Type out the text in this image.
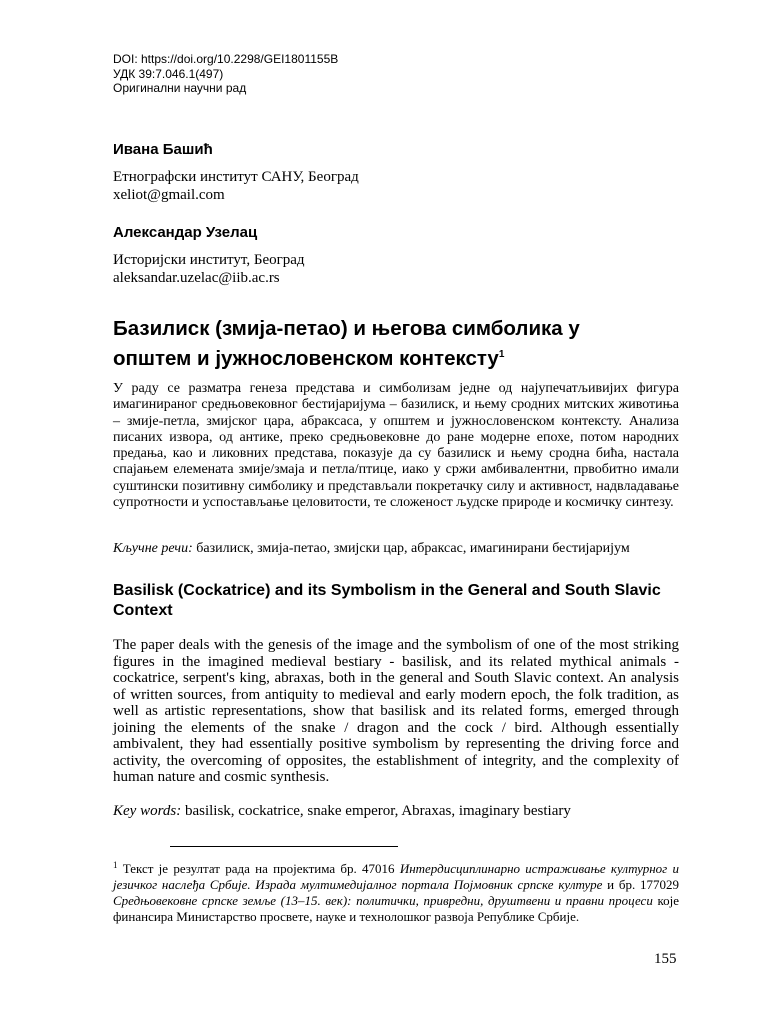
DOI: https://doi.org/10.2298/GEI1801155B
УДК 39:7.046.1(497)
Оригинални научни рад
Ивана Башић
Етнографски институт САНУ, Београд
xeliot@gmail.com
Александар Узелац
Историјски институт, Београд
aleksandar.uzelac@iib.ac.rs
Базилиск (змија-петао) и његова симболика у
општем и јужнословенском контексту$^1$
У раду се разматра генеза представа и симболизам једне од најупечатљивијих фигура имагинираног средњовековног бестијаријума – базилиск, и њему сродних митских животиња – змије-петла, змијског цара, абраксаса, у општем и јужнословенском контексту. Анализа писаних извора, од антике, преко средњовековне до ране модерне епохе, потом народних предања, као и ликовних представа, показује да су базилиск и њему сродна бића, настала спајањем елемената змије/змаја и петла/птице, иако у сржи амбивалентни, првобитно имали суштински позитивну симболику и представљали покретачку силу и активност, надвладавање супротности и успостављање целовитости, те сложеност људске природе и космичку синтезу.
Кључне речи: базилиск, змија-петао, змијски цар, абраксас, имагинирани бестијаријум
Basilisk (Cockatrice) and its Symbolism in the General and South Slavic Context
The paper deals with the genesis of the image and the symbolism of one of the most striking figures in the imagined medieval bestiary - basilisk, and its related mythical animals - cockatrice, serpent's king, abraxas, both in the general and South Slavic context. An analysis of written sources, from antiquity to medieval and early modern epoch, the folk tradition, as well as artistic representations, show that basilisk and its related forms, emerged through joining the elements of the snake / dragon and the cock / bird. Although essentially ambivalent, they had essentially positive symbolism by representing the driving force and activity, the overcoming of opposites, the establishment of integrity, and the complexity of human nature and cosmic synthesis.
Key words: basilisk, cockatrice, snake emperor, Abraxas, imaginary bestiary
$^1$ Текст је резултат рада на пројектима бр. 47016 Интердисциплинарно истраживање културног и језичког наслеђа Србије. Израда мултимедијалног портала Појмовник српске културе и бр. 177029 Средњовековне српске земље (13–15. век): политички, привредни, друштвени и правни процеси које финансира Министарство просвете, науке и технолошког развоја Републике Србије.
155
